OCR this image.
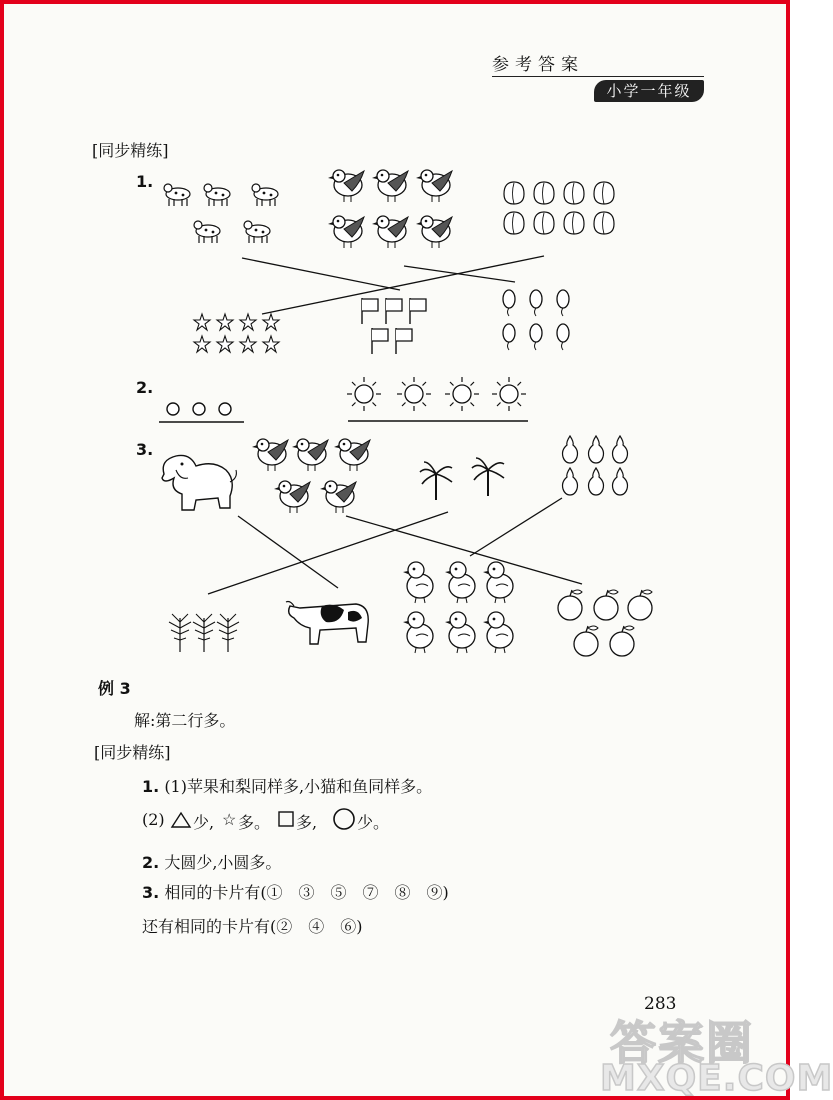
参考答案
小学一年级
[同步精练]
1.
2.
3.
例 3
解:第二行多。
[同步精练]
1. (1)苹果和梨同样多,小猫和鱼同样多。
(2) 少, ☆ 多。 多, 少。
2. 大圆少,小圆多。
3. 相同的卡片有(①　③　⑤　⑦　⑧　⑨)
还有相同的卡片有(②　④　⑥)
283
答案圈
MXQE.COM
